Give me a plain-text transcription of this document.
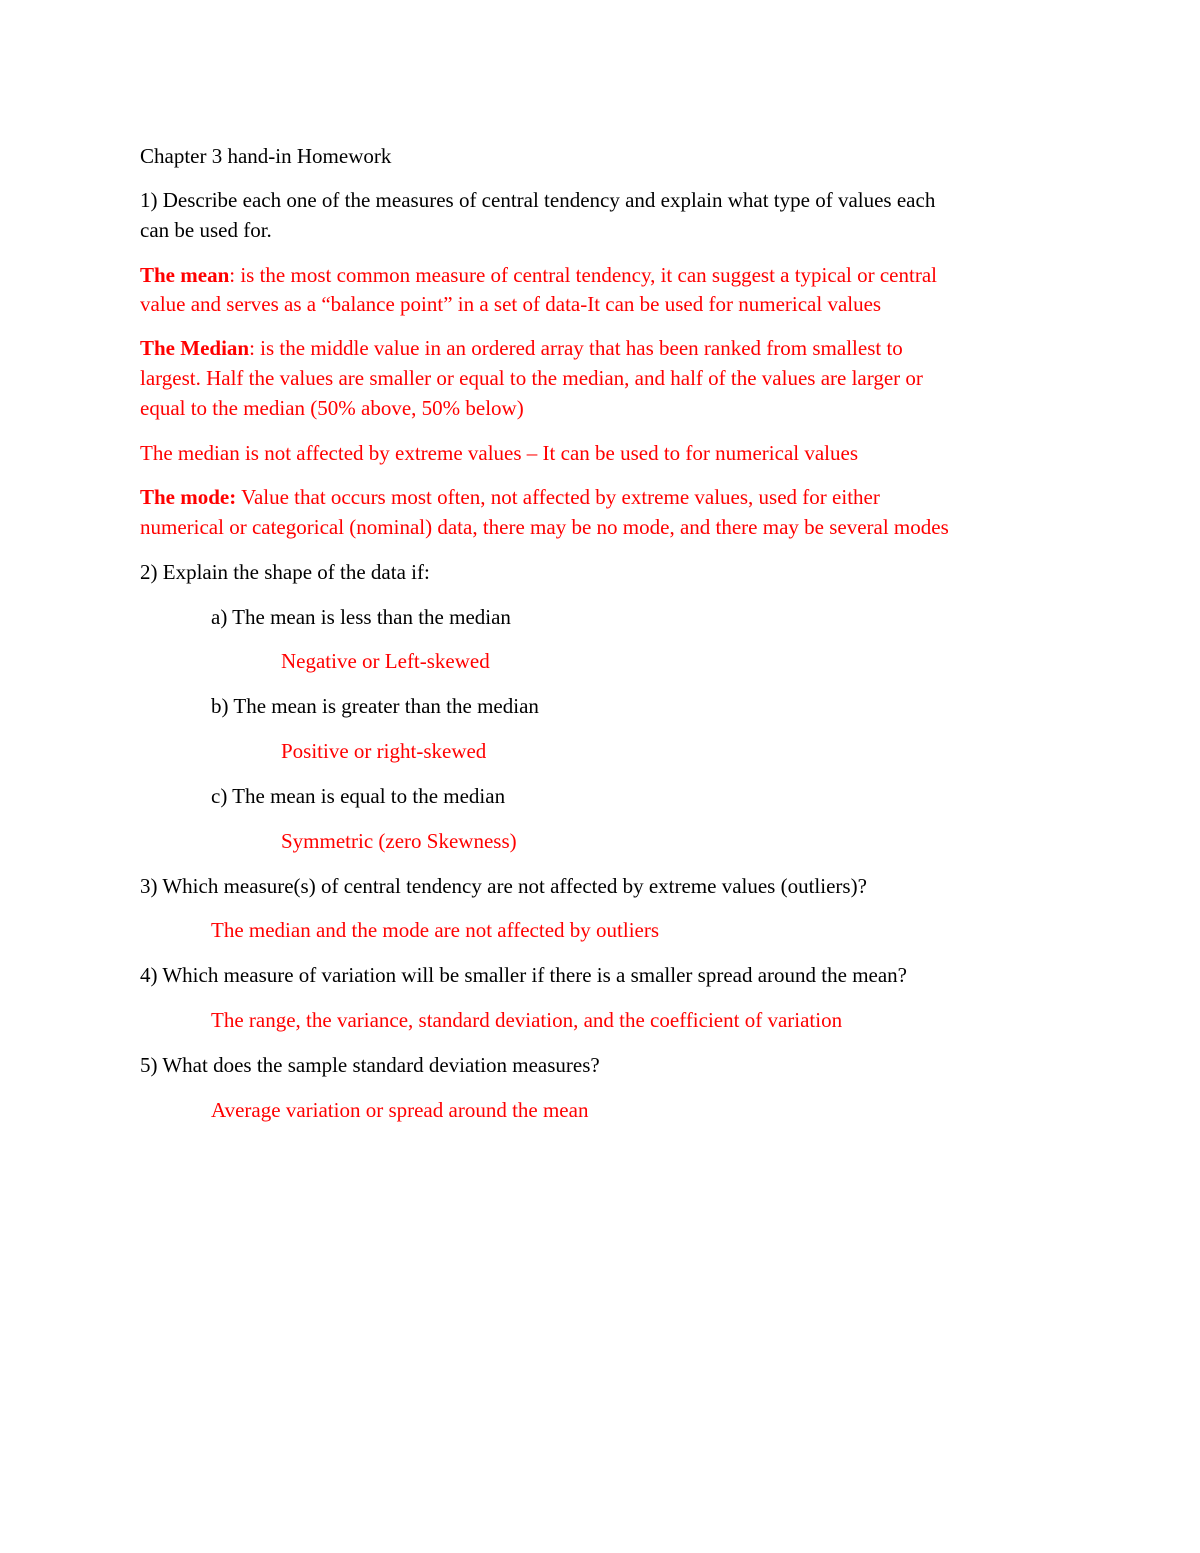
Chapter 3 hand-in Homework
1) Describe each one of the measures of central tendency and explain what type of values each
can be used for.
The mean: is the most common measure of central tendency, it can suggest a typical or central
value and serves as a “balance point” in a set of data-It can be used for numerical values
The Median: is the middle value in an ordered array that has been ranked from smallest to
largest. Half the values are smaller or equal to the median, and half of the values are larger or
equal to the median (50% above, 50% below)
The median is not affected by extreme values – It can be used to for numerical values
The mode: Value that occurs most often, not affected by extreme values, used for either
numerical or categorical (nominal) data, there may be no mode, and there may be several modes
2) Explain the shape of the data if:
a) The mean is less than the median
Negative or Left-skewed
b) The mean is greater than the median
Positive or right-skewed
c) The mean is equal to the median
Symmetric (zero Skewness)
3) Which measure(s) of central tendency are not affected by extreme values (outliers)?
The median and the mode are not affected by outliers
4) Which measure of variation will be smaller if there is a smaller spread around the mean?
The range, the variance, standard deviation, and the coefficient of variation
5) What does the sample standard deviation measures?
Average variation or spread around the mean
